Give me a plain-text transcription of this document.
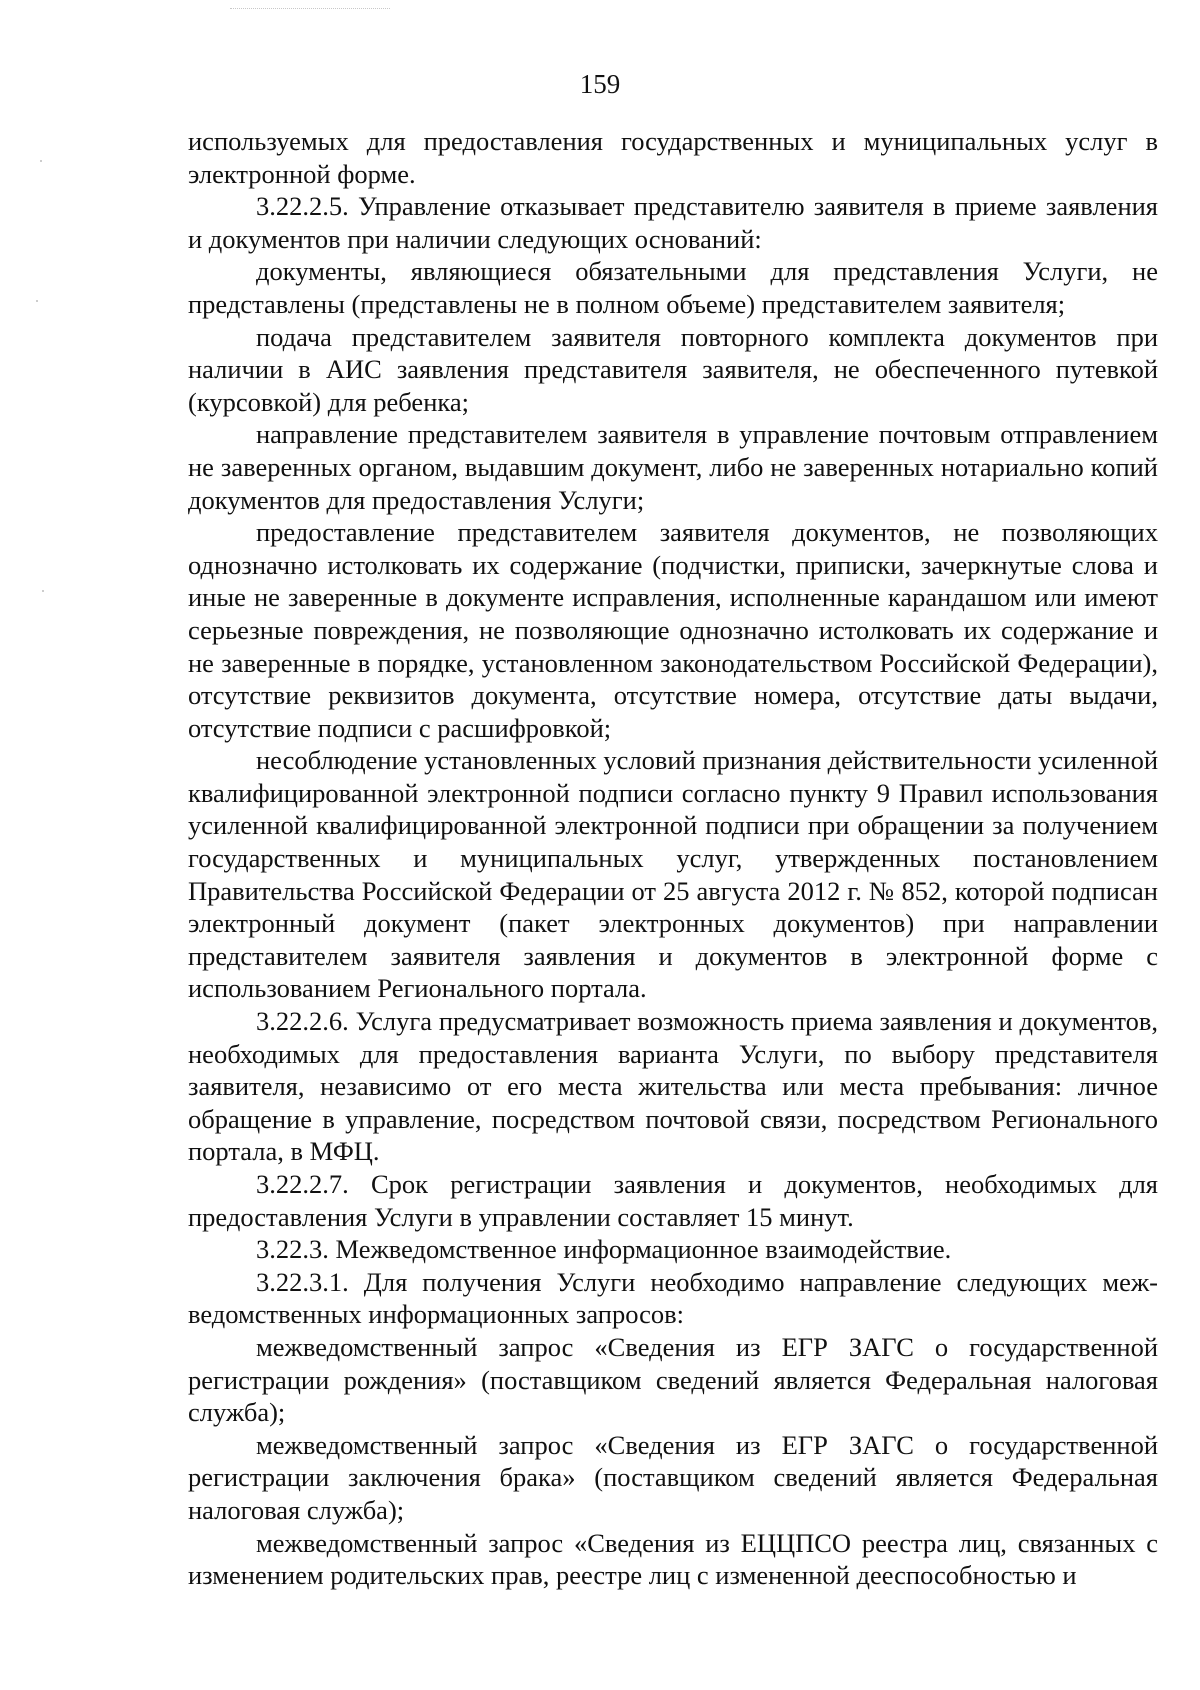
159

используемых для предоставления государственных и муниципальных услуг в электронной форме.

3.22.2.5. Управление отказывает представителю заявителя в приеме заявления и документов при наличии следующих оснований:

документы, являющиеся обязательными для представления Услуги, не представлены (представлены не в полном объеме) представителем заявителя;

подача представителем заявителя повторного комплекта документов при наличии в АИС заявления представителя заявителя, не обеспеченного путевкой (курсовкой) для ребенка;

направление представителем заявителя в управление почтовым отправлением не заверенных органом, выдавшим документ, либо не заверенных нотариально копий документов для предоставления Услуги;

предоставление представителем заявителя документов, не позволяющих однозначно истолковать их содержание (подчистки, приписки, зачеркнутые слова и иные не заверенные в документе исправления, исполненные карандашом или имеют серьезные повреждения, не позволяющие однозначно истолковать их содержание и не заверенные в порядке, установленном законодательством Российской Федерации), отсутствие реквизитов документа, отсутствие номера, отсутствие даты выдачи, отсутствие подписи с расшифровкой;

несоблюдение установленных условий признания действительности усиленной квалифицированной электронной подписи согласно пункту 9 Правил использования усиленной квалифицированной электронной подписи при обращении за получением государственных и муниципальных услуг, утвержденных постановлением Правительства Российской Федерации от 25 августа 2012 г. № 852, которой подписан электронный документ (пакет электронных документов) при направлении представителем заявителя заявления и документов в электронной форме с использованием Регионального портала.

3.22.2.6. Услуга предусматривает возможность приема заявления и документов, необходимых для предоставления варианта Услуги, по выбору представителя заявителя, независимо от его места жительства или места пребывания: личное обращение в управление, посредством почтовой связи, посредством Регионального портала, в МФЦ.

3.22.2.7. Срок регистрации заявления и документов, необходимых для предоставления Услуги в управлении составляет 15 минут.

3.22.3. Межведомственное информационное взаимодействие.

3.22.3.1. Для получения Услуги необходимо направление следующих межведомственных информационных запросов:

межведомственный запрос «Сведения из ЕГР ЗАГС о государственной регистрации рождения» (поставщиком сведений является Федеральная налоговая служба);

межведомственный запрос «Сведения из ЕГР ЗАГС о государственной регистрации заключения брака» (поставщиком сведений является Федеральная налоговая служба);

межведомственный запрос «Сведения из ЕЦЦПСО реестра лиц, связанных с изменением родительских прав, реестре лиц с измененной дееспособностью и
